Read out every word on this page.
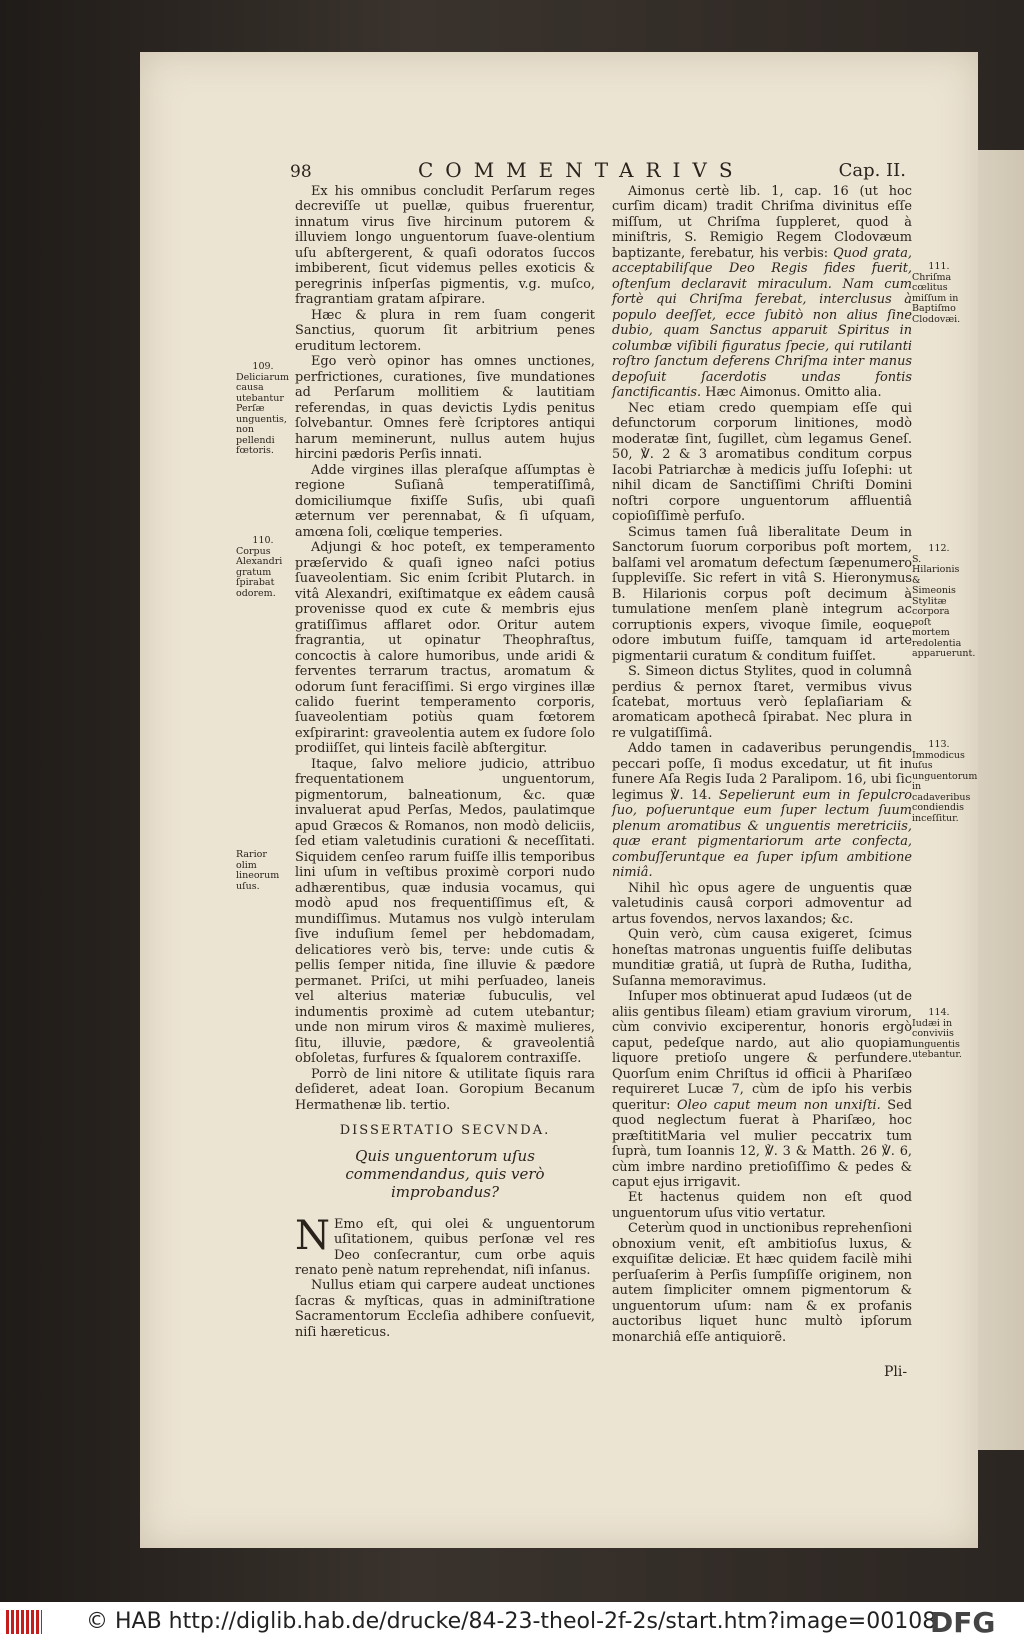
98	COMMENTARIVS	Cap. II.
109.
Deliciarum causa utebantur Perſæ unguentis, non pellendi fœtoris.
110.
Corpus Alexandri gratum ſpirabat odorem.
Rarior olim lineorum uſus.
111.
Chriſma cœlitus miſſum in Baptiſmo Clodovæi.
112.
S. Hilarionis & Simeonis Stylitæ corpora poſt mortem redolentia apparuerunt.
113.
Immodicus uſus unguentorum in cadaveribus condiendis inceſſitur.
114.
Iudæi in conviviis unguentis utebantur.

Ex his omnibus concludit Perſarum reges decreviſſe ut puellæ, quibus fruerentur, innatum virus ſive hircinum putorem & illuviem longo unguentorum ſuave-olentium uſu abſtergerent, & quaſi odoratos ſuccos imbiberent, ſicut videmus pelles exoticis & peregrinis inſperſas pigmentis, v.g. muſco, fragrantiam gratam aſpirare.

Hæc & plura in rem ſuam congerit Sanctius, quorum ſit arbitrium penes eruditum lectorem.

Ego verò opinor has omnes unctiones, perfrictiones, curationes, ſive mundationes ad Perſarum mollitiem & lautitiam referendas, in quas devictis Lydis penitus ſolvebantur. Omnes ferè ſcriptores antiqui harum meminerunt, nullus autem hujus hircini pædoris Perſis innati.

Adde virgines illas pleraſque aſſumptas è regione Suſianâ temperatiſſimâ, domiciliumque fixiſſe Suſis, ubi quaſi æternum ver perennabat, & ſi uſquam, amœna ſoli, cœlique temperies.

Adjungi & hoc poteſt, ex temperamento præſervido & quaſi igneo naſci potius ſuaveolentiam. Sic enim ſcribit Plutarch. in vitâ Alexandri, exiſtimatque ex eâdem causâ provenisse quod ex cute & membris ejus gratiſſimus afflaret odor. Oritur autem fragrantia, ut opinatur Theophraſtus, concoctis à calore humoribus, unde aridi & ferventes terrarum tractus, aromatum & odorum ſunt feraciſſimi. Si ergo virgines illæ calido fuerint temperamento corporis, ſuaveolentiam potiùs quam fœtorem exſpirarint: graveolentia autem ex ſudore ſolo prodiiſſet, qui linteis facilè abſtergitur.

Itaque, ſalvo meliore judicio, attribuo frequentationem unguentorum, pigmentorum, balneationum, &c. quæ invaluerat apud Perſas, Medos, paulatimque apud Græcos & Romanos, non modò deliciis, ſed etiam valetudinis curationi & neceſſitati. Siquidem cenſeo rarum fuiſſe illis temporibus lini uſum in veſtibus proximè corpori nudo adhærentibus, quæ indusia vocamus, qui modò apud nos frequentiſſimus eſt, & mundiſſimus. Mutamus nos vulgò interulam ſive induſium ſemel per hebdomadam, delicatiores verò bis, terve: unde cutis & pellis ſemper nitida, ſine illuvie & pædore permanet. Priſci, ut mihi perſuadeo, laneis vel alterius materiæ ſubuculis, vel indumentis proximè ad cutem utebantur; unde non mirum viros & maximè mulieres, ſitu, illuvie, pædore, & graveolentiâ obſoletas, furfures & ſqualorem contraxiſſe.

Porrò de lini nitore & utilitate ſiquis rara deſideret, adeat Ioan. Goropium Becanum Hermathenæ lib. tertio.

DISSERTATIO SECVNDA.

Quis unguentorum uſus commendandus, quis verò improbandus?

N Emo eſt, qui olei & unguentorum uſitationem, quibus perſonæ vel res Deo conſecrantur, cum orbe aquis renato penè natum reprehendat, niſi inſanus.

Nullus etiam qui carpere audeat unctiones ſacras & myſticas, quas in adminiſtratione Sacramentorum Eccleſia adhibere conſuevit, niſi hæreticus.

Aimonus certè lib. 1, cap. 16 (ut hoc curſim dicam) tradit Chriſma divinitus eſſe miſſum, ut Chriſma ſuppleret, quod à miniſtris, S. Remigio Regem Clodovæum baptizante, ferebatur, his verbis: Quod grata, acceptabiliſque Deo Regis fides fuerit, oſtenſum declaravit miraculum. Nam cum fortè qui Chriſma ferebat, interclusus à populo deeſſet, ecce ſubitò non alius ſine dubio, quam Sanctus apparuit Spiritus in columbæ viſibili figuratus ſpecie, qui rutilanti roſtro ſanctum deferens Chriſma inter manus depoſuit ſacerdotis undas fontis ſanctificantis. Hæc Aimonus. Omitto alia.

Nec etiam credo quempiam eſſe qui defunctorum corporum linitiones, modò moderatæ ſint, ſugillet, cùm legamus Geneſ. 50, ℣. 2 & 3 aromatibus conditum corpus Iacobi Patriarchæ à medicis juſſu Ioſephi: ut nihil dicam de Sanctiſſimi Chriſti Domini noſtri corpore unguentorum affluentiâ copioſiſſimè perfuſo.

Scimus tamen ſuâ liberalitate Deum in Sanctorum ſuorum corporibus poſt mortem, balſami vel aromatum defectum ſæpenumero ſuppleviſſe. Sic refert in vitâ S. Hieronymus B. Hilarionis corpus poſt decimum à tumulatione menſem planè integrum ac corruptionis expers, vivoque ſimile, eoque odore imbutum fuiſſe, tamquam id arte pigmentarii curatum & conditum fuiſſet.

S. Simeon dictus Stylites, quod in columnâ perdius & pernox ſtaret, vermibus vivus ſcatebat, mortuus verò ſeplaſiariam & aromaticam apothecâ ſpirabat. Nec plura in re vulgatiſſimâ.

Addo tamen in cadaveribus perungendis peccari poſſe, ſi modus excedatur, ut fit in funere Aſa Regis Iuda 2 Paralipom. 16, ubi ſic legimus ℣. 14. Sepelierunt eum in ſepulcro ſuo, poſueruntque eum ſuper lectum ſuum plenum aromatibus & unguentis meretriciis, quæ erant pigmentariorum arte confecta, combuſſeruntque ea ſuper ipſum ambitione nimiâ.

Nihil hìc opus agere de unguentis quæ valetudinis causâ corpori admoventur ad artus fovendos, nervos laxandos; &c.

Quin verò, cùm causa exigeret, ſcimus honeſtas matronas unguentis fuiſſe delibutas munditiæ gratiâ, ut ſuprà de Rutha, Iuditha, Suſanna memoravimus.

Inſuper mos obtinuerat apud Iudæos (ut de aliis gentibus ſileam) etiam gravium virorum, cùm convivio exciperentur, honoris ergò caput, pedeſque nardo, aut alio quopiam liquore pretioſo ungere & perfundere. Quorſum enim Chriſtus id officii à Phariſæo requireret Lucæ 7, cùm de ipſo his verbis queritur: Oleo caput meum non unxiſti. Sed quod neglectum fuerat à Phariſæo, hoc præſtititMaria vel mulier peccatrix tum ſuprà, tum Ioannis 12, ℣. 3 & Matth. 26 ℣. 6, cùm imbre nardino pretioſiſſimo & pedes & caput ejus irrigavit.

Et hactenus quidem non eſt quod unguentorum uſus vitio vertatur.

Ceterùm quod in unctionibus reprehenſioni obnoxium venit, eſt ambitioſus luxus, & exquiſitæ deliciæ. Et hæc quidem facilè mihi perſuaſerim à Perſis ſumpſiſſe originem, non autem ſimpliciter omnem pigmentorum & unguentorum uſum: nam & ex profanis auctoribus liquet hunc multò ipſorum monarchiâ eſſe antiquiorẽ.

Pli-
© HAB http://diglib.hab.de/drucke/84-23-theol-2f-2s/start.htm?image=00108
DFG
